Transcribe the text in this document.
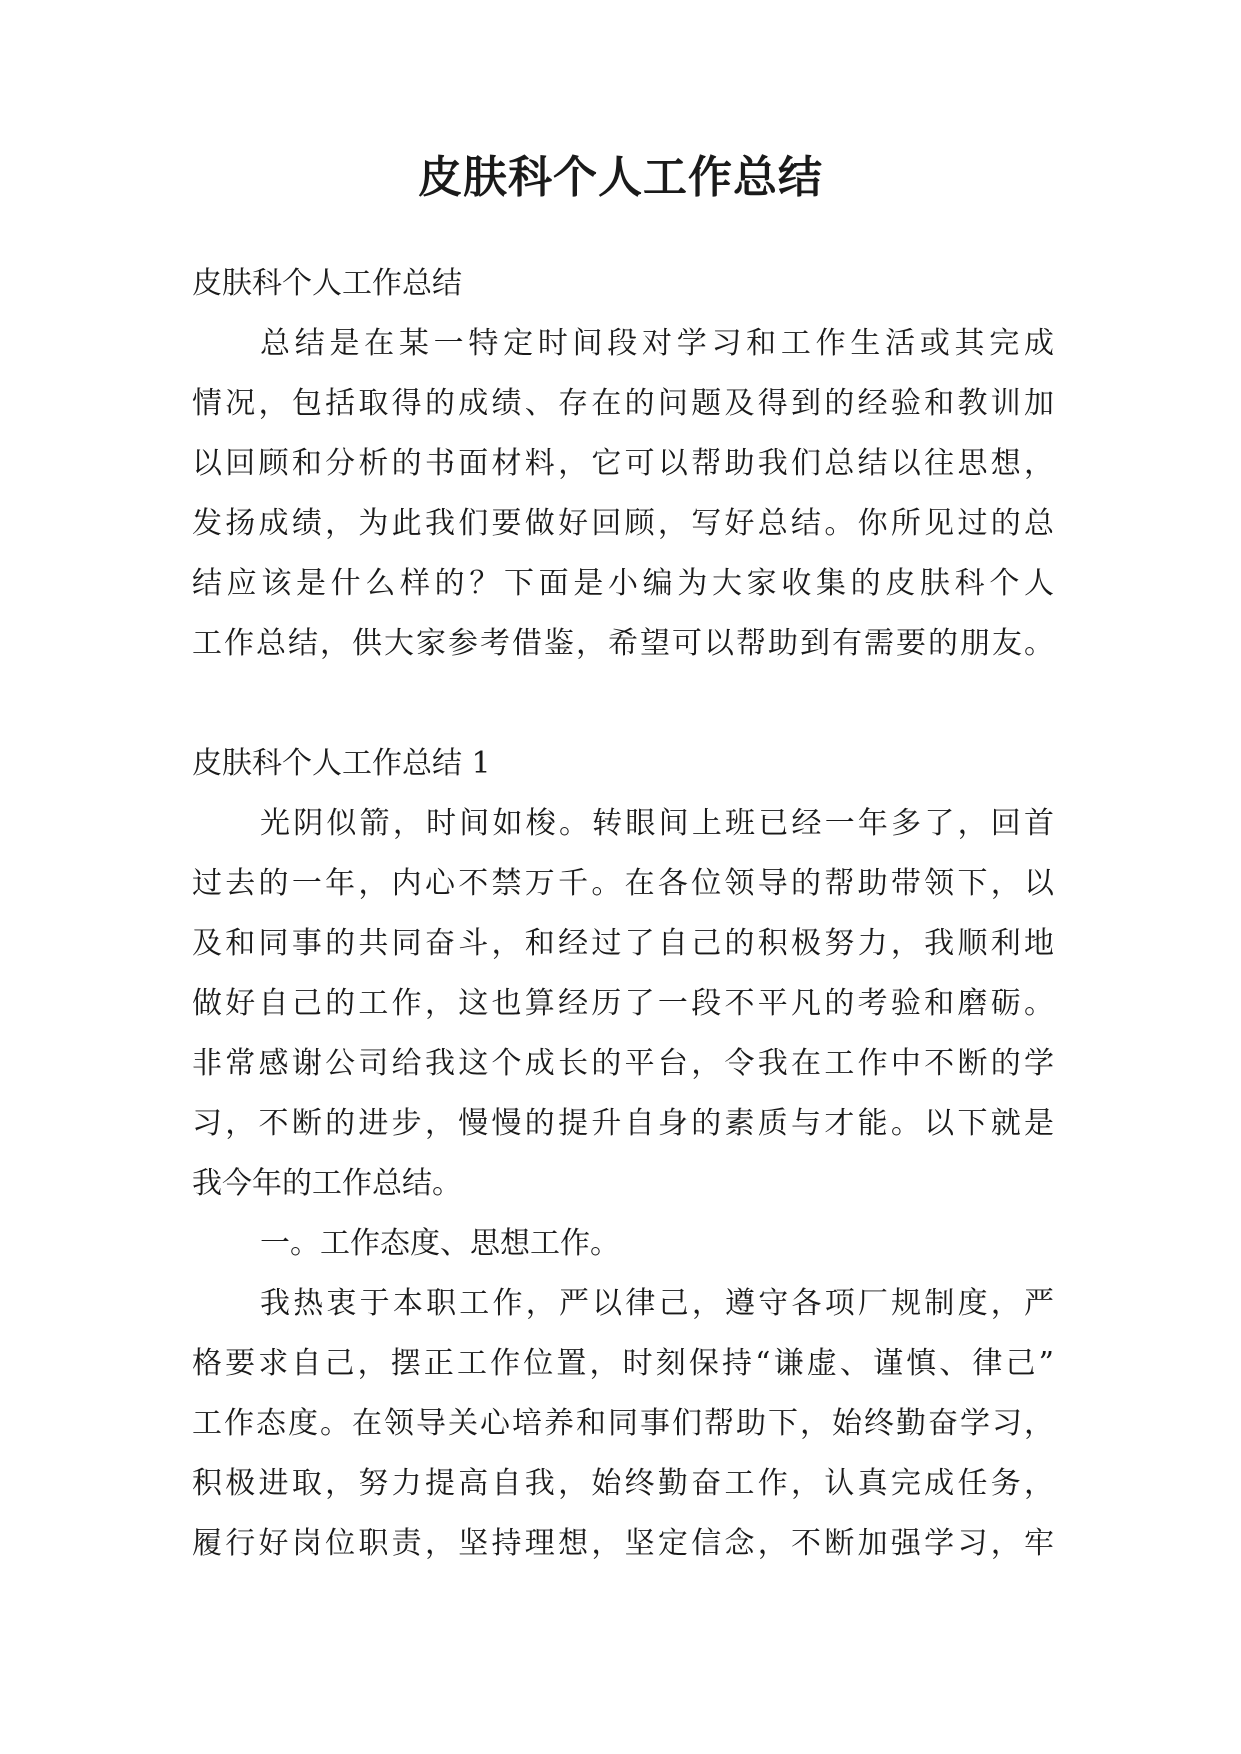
皮肤科个人工作总结
皮肤科个人工作总结
总结是在某一特定时间段对学习和工作生活或其完成
情况，包括取得的成绩、存在的问题及得到的经验和教训加
以回顾和分析的书面材料，它可以帮助我们总结以往思想，
发扬成绩，为此我们要做好回顾，写好总结。你所见过的总
结应该是什么样的？下面是小编为大家收集的皮肤科个人
工作总结，供大家参考借鉴，希望可以帮助到有需要的朋友。
皮肤科个人工作总结 1
光阴似箭，时间如梭。转眼间上班已经一年多了，回首
过去的一年，内心不禁万千。在各位领导的帮助带领下，以
及和同事的共同奋斗，和经过了自己的积极努力，我顺利地
做好自己的工作，这也算经历了一段不平凡的考验和磨砺。
非常感谢公司给我这个成长的平台，令我在工作中不断的学
习，不断的进步，慢慢的提升自身的素质与才能。以下就是
我今年的工作总结。
一。工作态度、思想工作。
我热衷于本职工作，严以律己，遵守各项厂规制度，严
格要求自己，摆正工作位置，时刻保持“谦虚、谨慎、律己”
工作态度。在领导关心培养和同事们帮助下，始终勤奋学习，
积极进取，努力提高自我，始终勤奋工作，认真完成任务，
履行好岗位职责，坚持理想，坚定信念，不断加强学习，牢
